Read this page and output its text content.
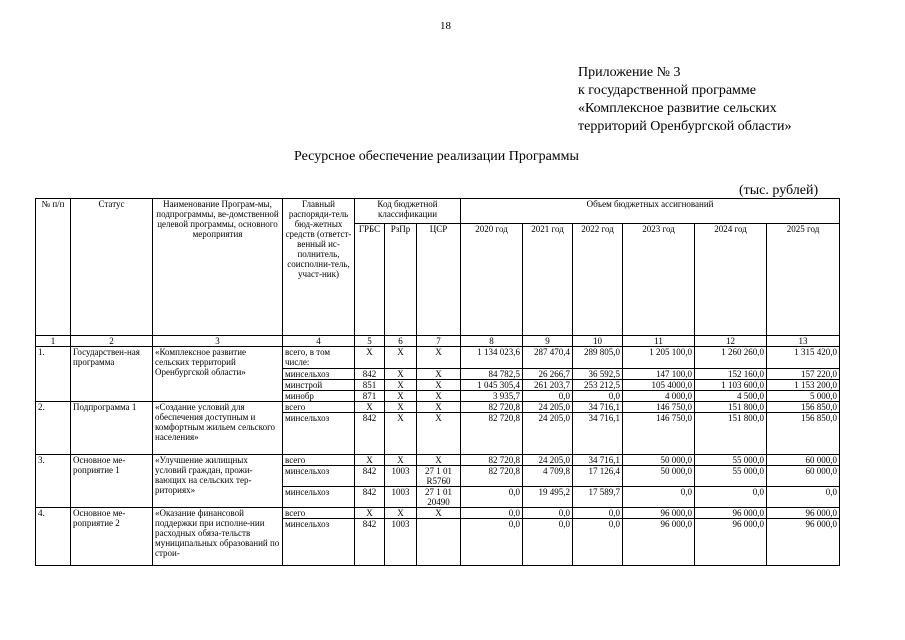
18
Приложение № 3
к государственной программе
«Комплексное развитие сельских
территорий Оренбургской области»
Ресурсное обеспечение реализации Программы
(тыс. рублей)
№ п/п	Статус	Наименование Програм-мы, подпрограммы, ве-домственной целевой программы, основного мероприятия	Главный распоряди-тель бюд-жетных средств (ответст-венный ис-полнитель, соисполни-тель, участ-ник)	Код бюджетной классификации			Объем бюджетных ассигнований					
				ГРБС	РзПр	ЦСР	2020 год	2021 год	2022 год	2023 год	2024 год	2025 год
1	2	3	4	5	6	7	8	9	10	11	12	13
1.	Государствен-ная программа	«Комплексное развитие сельских территорий Оренбургской области»	всего, в том числе:	X	X	X	1 134 023,6	287 470,4	289 805,0	1 205 100,0	1 260 260,0	1 315 420,0
			минсельхоз	842	X	X	84 782,5	26 266,7	36 592,5	147 100,0	152 160,0	157 220,0
			минстрой	851	X	X	1 045 305,4	261 203,7	253 212,5	105 4000,0	1 103 600,0	1 153 200,0
			минобр	871	X	X	3 935,7	0,0	0,0	4 000,0	4 500,0	5 000,0
2.	Подпрограмма 1	«Создание условий для обеспечения доступным и комфортным жильем сельского населения»	всего	X	X	X	82 720,8	24 205,0	34 716,1	146 750,0	151 800,0	156 850,0
			минсельхоз	842	X	X	82 720,8	24 205,0	34 716,1	146 750,0	151 800,0	156 850,0
3.	Основное ме-роприятие 1	«Улучшение жилищных условий граждан, прожи-вающих на сельских тер-риториях»	всего	X	X	X	82 720,8	24 205,0	34 716,1	50 000,0	55 000,0	60 000,0
			минсельхоз	842	1003	27 1 01 R5760	82 720,8	4 709,8	17 126,4	50 000,0	55 000,0	60 000,0
			минсельхоз	842	1003	27 1 01 20490	0,0	19 495,2	17 589,7	0,0	0,0	0,0
4.	Основное ме-роприятие 2	«Оказание финансовой поддержки при исполне-нии расходных обяза-тельств муниципальных образований по строи-	всего	X	X	X	0,0	0,0	0,0	96 000,0	96 000,0	96 000,0
			минсельхоз	842	1003		0,0	0,0	0,0	96 000,0	96 000,0	96 000,0
